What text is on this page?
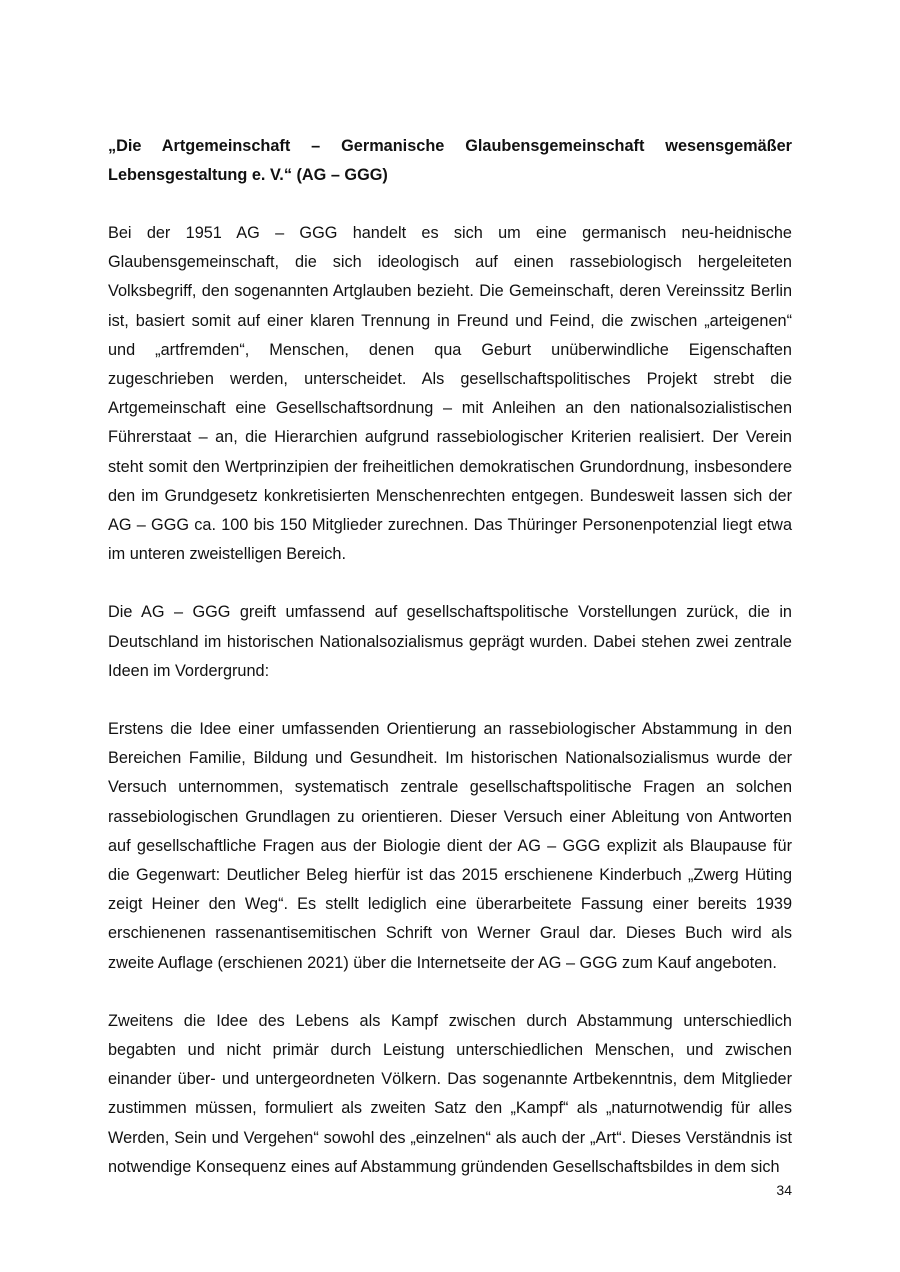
„Die Artgemeinschaft – Germanische Glaubensgemeinschaft wesensgemäßer Lebensgestaltung e. V.“ (AG – GGG)

Bei der 1951 AG – GGG handelt es sich um eine germanisch neu-heidnische Glaubensgemeinschaft, die sich ideologisch auf einen rassebiologisch hergeleiteten Volksbegriff, den sogenannten Artglauben bezieht. Die Gemeinschaft, deren Vereinssitz Berlin ist, basiert somit auf einer klaren Trennung in Freund und Feind, die zwischen „arteigenen“ und „artfremden“, Menschen, denen qua Geburt unüberwindliche Eigenschaften zugeschrieben werden, unterscheidet. Als gesellschaftspolitisches Projekt strebt die Artgemeinschaft eine Gesellschaftsordnung – mit Anleihen an den nationalsozialistischen Führerstaat – an, die Hierarchien aufgrund rassebiologischer Kriterien realisiert. Der Verein steht somit den Wertprinzipien der freiheitlichen demokratischen Grundordnung, insbesondere den im Grundgesetz konkretisierten Menschenrechten entgegen. Bundesweit lassen sich der AG – GGG ca. 100 bis 150 Mitglieder zurechnen. Das Thüringer Personenpotenzial liegt etwa im unteren zweistelligen Bereich.

Die AG – GGG greift umfassend auf gesellschaftspolitische Vorstellungen zurück, die in Deutschland im historischen Nationalsozialismus geprägt wurden. Dabei stehen zwei zentrale Ideen im Vordergrund:

Erstens die Idee einer umfassenden Orientierung an rassebiologischer Abstammung in den Bereichen Familie, Bildung und Gesundheit. Im historischen Nationalsozialismus wurde der Versuch unternommen, systematisch zentrale gesellschaftspolitische Fragen an solchen rassebiologischen Grundlagen zu orientieren. Dieser Versuch einer Ableitung von Antworten auf gesellschaftliche Fragen aus der Biologie dient der AG – GGG explizit als Blaupause für die Gegenwart: Deutlicher Beleg hierfür ist das 2015 erschienene Kinderbuch „Zwerg Hüting zeigt Heiner den Weg“. Es stellt lediglich eine überarbeitete Fassung einer bereits 1939 erschienenen rassenantisemitischen Schrift von Werner Graul dar. Dieses Buch wird als zweite Auflage (erschienen 2021) über die Internetseite der AG – GGG zum Kauf angeboten.

Zweitens die Idee des Lebens als Kampf zwischen durch Abstammung unterschiedlich begabten und nicht primär durch Leistung unterschiedlichen Menschen, und zwischen einander über- und untergeordneten Völkern. Das sogenannte Artbekenntnis, dem Mitglieder zustimmen müssen, formuliert als zweiten Satz den „Kampf“ als „naturnotwendig für alles Werden, Sein und Vergehen“ sowohl des „einzelnen“ als auch der „Art“. Dieses Verständnis ist notwendige Konsequenz eines auf Abstammung gründenden Gesellschaftsbildes in dem sich

34
